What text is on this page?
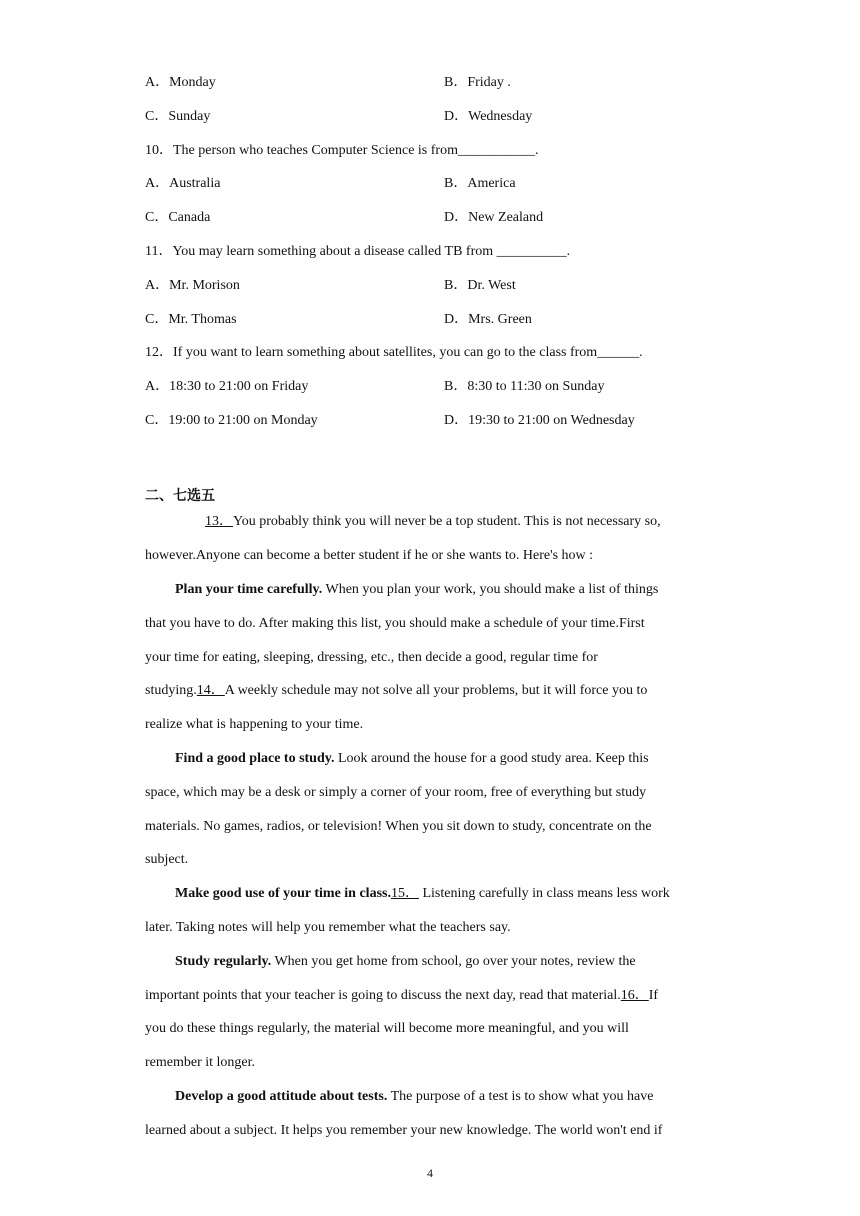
A．Monday	B．Friday .
C．Sunday	D．Wednesday
10．The person who teaches Computer Science is from___________.
A．Australia	B．America
C．Canada	D．New Zealand
11．You may learn something about a disease called TB from __________.
A．Mr. Morison	B．Dr. West
C．Mr. Thomas	D．Mrs. Green
12．If you want to learn something about satellites, you can go to the class from______.
A．18:30 to 21:00 on Friday	B．8:30 to 11:30 on Sunday
C．19:00 to 21:00 on Monday	D．19:30 to 21:00 on Wednesday
二、七选五
13．You probably think you will never be a top student. This is not necessary so,
however.Anyone can become a better student if he or she wants to. Here's how :
Plan your time carefully. When you plan your work, you should make a list of things
that you have to do. After making this list, you should make a schedule of your time.First
your time for eating, sleeping, dressing, etc., then decide a good, regular time for
studying.14．A weekly schedule may not solve all your problems, but it will force you to
realize what is happening to your time.
Find a good place to study. Look around the house for a good study area. Keep this
space, which may be a desk or simply a corner of your room, free of everything but study
materials. No games, radios, or television! When you sit down to study, concentrate on the
subject.
Make good use of your time in class.15． Listening carefully in class means less work
later. Taking notes will help you remember what the teachers say.
Study regularly. When you get home from school, go over your notes, review the
important points that your teacher is going to discuss the next day, read that material.16．If
you do these things regularly, the material will become more meaningful, and you will
remember it longer.
Develop a good attitude about tests. The purpose of a test is to show what you have
learned about a subject. It helps you remember your new knowledge. The world won't end if
4
